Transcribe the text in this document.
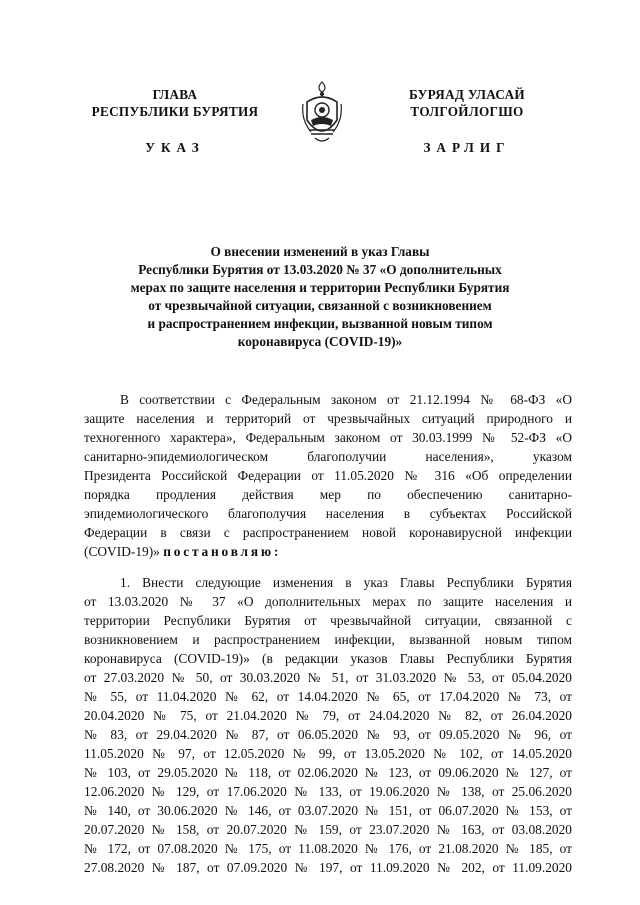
ГЛАВА
РЕСПУБЛИКИ БУРЯТИЯ
БУРЯАД УЛАСАЙ
ТОЛГОЙЛОГШО
УКАЗ	ЗАРЛИГ
О внесении изменений в указ Главы
Республики Бурятия от 13.03.2020 № 37 «О дополнительных
мерах по защите населения и территории Республики Бурятия
от чрезвычайной ситуации, связанной с возникновением
и распространением инфекции, вызванной новым типом
коронавируса (COVID-19)»
В соответствии с Федеральным законом от 21.12.1994 № 68-ФЗ «О
защите населения и территорий от чрезвычайных ситуаций природного и
техногенного характера», Федеральным законом от 30.03.1999 № 52-ФЗ «О
санитарно-эпидемиологическом благополучии населения», указом
Президента Российской Федерации от 11.05.2020 № 316 «Об определении
порядка продления действия мер по обеспечению санитарно-
эпидемиологического благополучия населения в субъектах Российской
Федерации в связи с распространением новой коронавирусной инфекции
(COVID-19)» постановляю:
1. Внести следующие изменения в указ Главы Республики Бурятия
от 13.03.2020 № 37 «О дополнительных мерах по защите населения и
территории Республики Бурятия от чрезвычайной ситуации, связанной с
возникновением и распространением инфекции, вызванной новым типом
коронавируса (COVID-19)» (в редакции указов Главы Республики Бурятия
от 27.03.2020 № 50, от 30.03.2020 № 51, от 31.03.2020 № 53, от 05.04.2020
№ 55, от 11.04.2020 № 62, от 14.04.2020 № 65, от 17.04.2020 № 73, от
20.04.2020 № 75, от 21.04.2020 № 79, от 24.04.2020 № 82, от 26.04.2020
№ 83, от 29.04.2020 № 87, от 06.05.2020 № 93, от 09.05.2020 № 96, от
11.05.2020 № 97, от 12.05.2020 № 99, от 13.05.2020 № 102, от 14.05.2020
№ 103, от 29.05.2020 № 118, от 02.06.2020 № 123, от 09.06.2020 № 127, от
12.06.2020 № 129, от 17.06.2020 № 133, от 19.06.2020 № 138, от 25.06.2020
№ 140, от 30.06.2020 № 146, от 03.07.2020 № 151, от 06.07.2020 № 153, от
20.07.2020 № 158, от 20.07.2020 № 159, от 23.07.2020 № 163, от 03.08.2020
№ 172, от 07.08.2020 № 175, от 11.08.2020 № 176, от 21.08.2020 № 185, от
27.08.2020 № 187, от 07.09.2020 № 197, от 11.09.2020 № 202, от 11.09.2020
